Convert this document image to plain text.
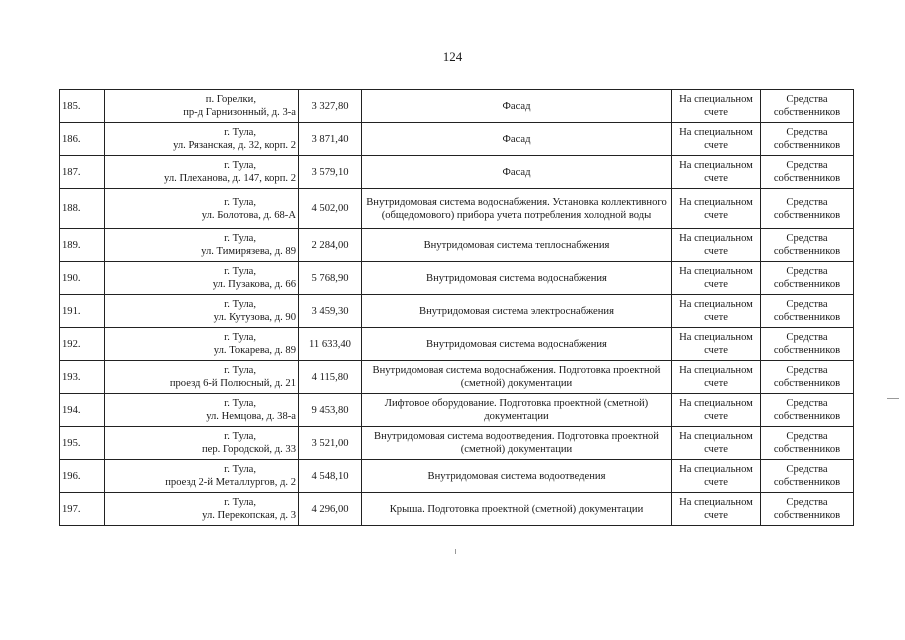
124
185.	п. Горелки,
пр-д Гарнизонный, д. 3-а	3 327,80	Фасад	На специальном счете	Средства собственников
186.	г. Тула,
ул. Рязанская, д. 32, корп. 2	3 871,40	Фасад	На специальном счете	Средства собственников
187.	г. Тула,
ул. Плеханова, д. 147, корп. 2	3 579,10	Фасад	На специальном счете	Средства собственников
188.	г. Тула,
ул. Болотова, д. 68-А	4 502,00	Внутридомовая система водоснабжения. Установка коллективного (общедомового) прибора учета потребления холодной воды	На специальном счете	Средства собственников
189.	г. Тула,
ул. Тимирязева, д. 89	2 284,00	Внутридомовая система теплоснабжения	На специальном счете	Средства собственников
190.	г. Тула,
ул. Пузакова, д. 66	5 768,90	Внутридомовая система водоснабжения	На специальном счете	Средства собственников
191.	г. Тула,
ул. Кутузова, д. 90	3 459,30	Внутридомовая система электроснабжения	На специальном счете	Средства собственников
192.	г. Тула,
ул. Токарева, д. 89	11 633,40	Внутридомовая система водоснабжения	На специальном счете	Средства собственников
193.	г. Тула,
проезд 6-й Полюсный, д. 21	4 115,80	Внутридомовая система водоснабжения. Подготовка проектной (сметной) документации	На специальном счете	Средства собственников
194.	г. Тула,
ул. Немцова, д. 38-а	9 453,80	Лифтовое оборудование. Подготовка проектной (сметной) документации	На специальном счете	Средства собственников
195.	г. Тула,
пер. Городской, д. 33	3 521,00	Внутридомовая система водоотведения. Подготовка проектной (сметной) документации	На специальном счете	Средства собственников
196.	г. Тула,
проезд 2-й Металлургов, д. 2	4 548,10	Внутридомовая система водоотведения	На специальном счете	Средства собственников
197.	г. Тула,
ул. Перекопская, д. 3	4 296,00	Крыша. Подготовка проектной (сметной) документации	На специальном счете	Средства собственников
